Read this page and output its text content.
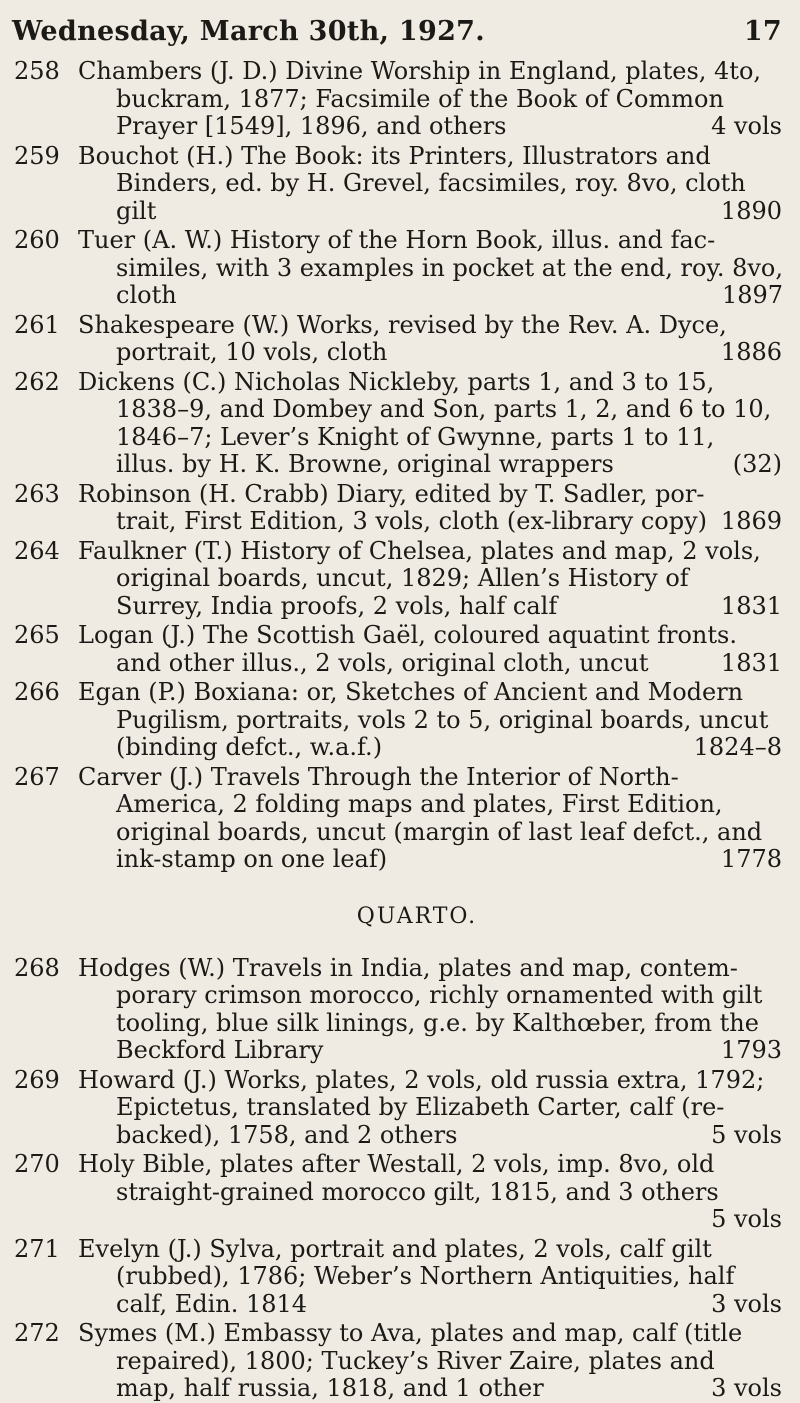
Wednesday, March 30th, 1927.	17
258 Chambers (J. D.) Divine Worship in England, plates, 4to,
buckram, 1877; Facsimile of the Book of Common
Prayer [1549], 1896, and others	4 vols
259 Bouchot (H.) The Book: its Printers, Illustrators and
Binders, ed. by H. Grevel, facsimiles, roy. 8vo, cloth
gilt	1890
260 Tuer (A. W.) History of the Horn Book, illus. and fac-
similes, with 3 examples in pocket at the end, roy. 8vo,
cloth	1897
261 Shakespeare (W.) Works, revised by the Rev. A. Dyce,
portrait, 10 vols, cloth	1886
262 Dickens (C.) Nicholas Nickleby, parts 1, and 3 to 15,
1838–9, and Dombey and Son, parts 1, 2, and 6 to 10,
1846–7; Lever’s Knight of Gwynne, parts 1 to 11,
illus. by H. K. Browne, original wrappers	(32)
263 Robinson (H. Crabb) Diary, edited by T. Sadler, por-
trait, First Edition, 3 vols, cloth (ex-library copy) 1869
264 Faulkner (T.) History of Chelsea, plates and map, 2 vols,
original boards, uncut, 1829; Allen’s History of
Surrey, India proofs, 2 vols, half calf	1831
265 Logan (J.) The Scottish Gaël, coloured aquatint fronts.
and other illus., 2 vols, original cloth, uncut	1831
266 Egan (P.) Boxiana: or, Sketches of Ancient and Modern
Pugilism, portraits, vols 2 to 5, original boards, uncut
(binding defct., w.a.f.)	1824–8
267 Carver (J.) Travels Through the Interior of North-
America, 2 folding maps and plates, First Edition,
original boards, uncut (margin of last leaf defct., and
ink-stamp on one leaf)	1778
QUARTO.
268 Hodges (W.) Travels in India, plates and map, contem-
porary crimson morocco, richly ornamented with gilt
tooling, blue silk linings, g.e. by Kalthœber, from the
Beckford Library	1793
269 Howard (J.) Works, plates, 2 vols, old russia extra, 1792;
Epictetus, translated by Elizabeth Carter, calf (re-
backed), 1758, and 2 others	5 vols
270 Holy Bible, plates after Westall, 2 vols, imp. 8vo, old
straight-grained morocco gilt, 1815, and 3 others
5 vols
271 Evelyn (J.) Sylva, portrait and plates, 2 vols, calf gilt
(rubbed), 1786; Weber’s Northern Antiquities, half
calf, Edin. 1814	3 vols
272 Symes (M.) Embassy to Ava, plates and map, calf (title
repaired), 1800; Tuckey’s River Zaire, plates and
map, half russia, 1818, and 1 other	3 vols
